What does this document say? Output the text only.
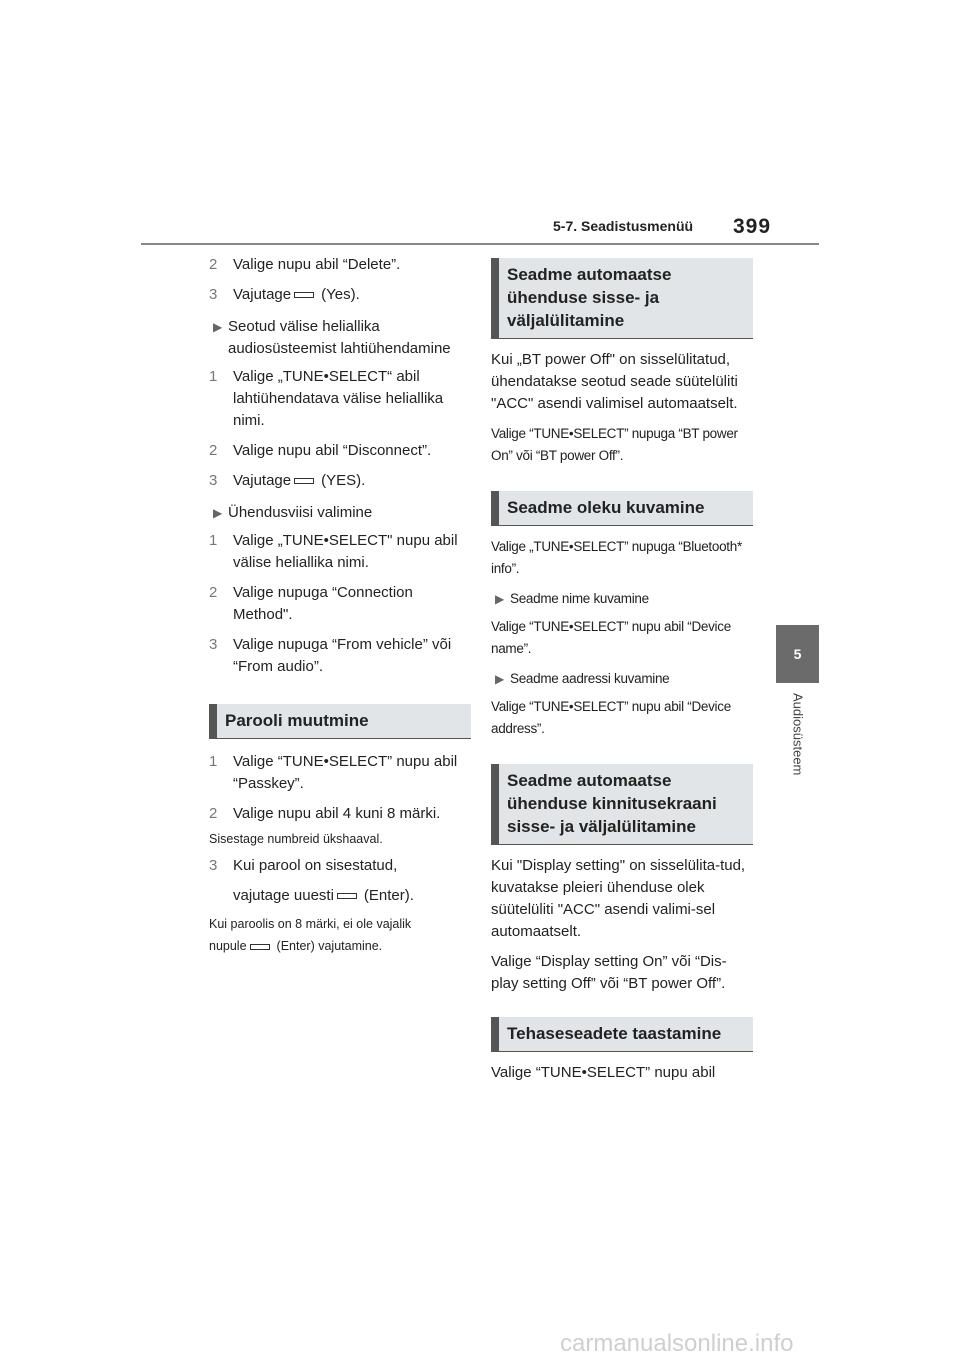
5-7. Seadistusmenüü 399
5
Audiosüsteem
2 Valige nupu abil “Delete”.
3 Vajutage (Yes).
▶ Seotud välise heliallika audiosüsteemist lahtiühendamine
1 Valige „TUNE•SELECT“ abil lahtiühendatava välise heliallika nimi.
2 Valige nupu abil “Disconnect”.
3 Vajutage (YES).
▶ Ühendusviisi valimine
1 Valige „TUNE•SELECT" nupu abil välise heliallika nimi.
2 Valige nupuga “Connection Method".
3 Valige nupuga “From vehicle” või “From audio”.
Parooli muutmine
1 Valige “TUNE•SELECT” nupu abil “Passkey”.
2 Valige nupu abil 4 kuni 8 märki.
Sisestage numbreid ükshaaval.
3 Kui parool on sisestatud,
vajutage uuesti (Enter).
Kui paroolis on 8 märki, ei ole vajalik
nupule (Enter) vajutamine.
Seadme automaatse ühenduse sisse- ja väljalülitamine
Kui „BT power Off" on sisselülitatud, ühendatakse seotud seade süütelüliti "ACC" asendi valimisel automaatselt.
Valige “TUNE•SELECT” nupuga “BT power On” või “BT power Off”.
Seadme oleku kuvamine
Valige „TUNE•SELECT” nupuga “Bluetooth* info”.
▶ Seadme nime kuvamine
Valige “TUNE•SELECT” nupu abil “Device name”.
▶ Seadme aadressi kuvamine
Valige “TUNE•SELECT” nupu abil “Device address”.
Seadme automaatse ühenduse kinnitusekraani sisse- ja väljalülitamine
Kui "Display setting" on sisselülita-tud, kuvatakse pleieri ühenduse olek süütelüliti "ACC" asendi valimi-sel automaatselt.
Valige “Display setting On” või “Dis-play setting Off” või “BT power Off”.
Tehaseseadete taastamine
Valige “TUNE•SELECT” nupu abil
carmanualsonline.info
